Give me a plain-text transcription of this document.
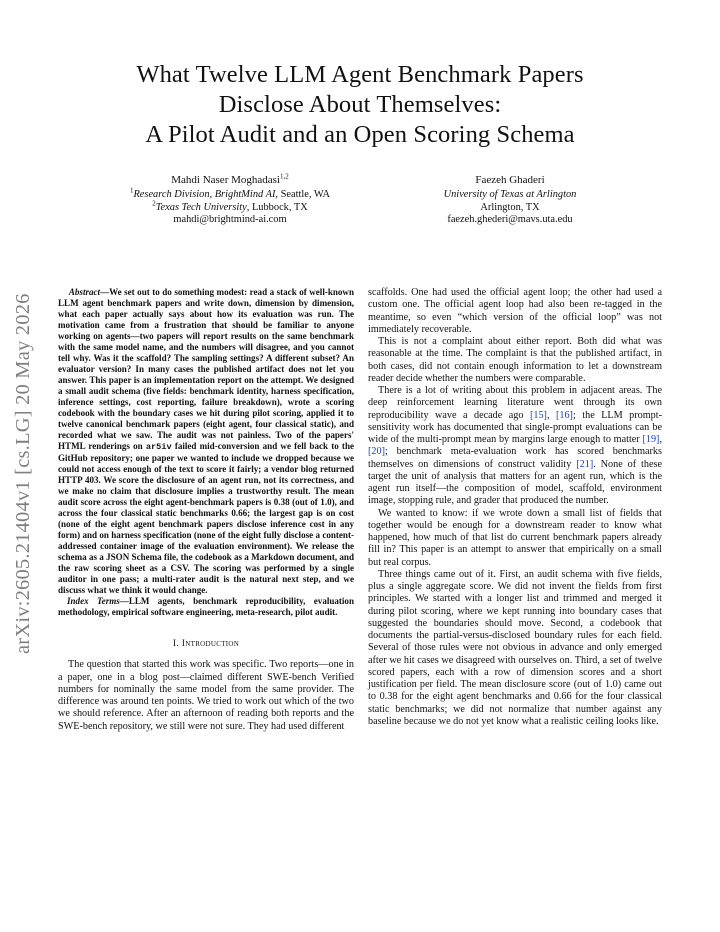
arXiv:2605.21404v1 [cs.LG] 20 May 2026
What Twelve LLM Agent Benchmark Papers
Disclose About Themselves:
A Pilot Audit and an Open Scoring Schema
Mahdi Naser Moghadasi$^{1,2}$
$^1$Research Division, BrightMind AI, Seattle, WA
$^2$Texas Tech University, Lubbock, TX
mahdi@brightmind-ai.com
Faezeh Ghaderi
University of Texas at Arlington
Arlington, TX
faezeh.ghederi@mavs.uta.edu
  Abstract—We set out to do something modest: read a stack of well-known LLM agent benchmark papers and write down, dimension by dimension, what each paper actually says about how its evaluation was run. The motivation came from a frustration that should be familiar to anyone working on agents—two papers will report results on the same benchmark with the same model name, and the numbers will disagree, and you cannot tell why. Was it the scaffold? The sampling settings? A different subset? An evaluator version? In many cases the published artifact does not let you answer. This paper is an implementation report on the attempt. We designed a small audit schema (five fields: benchmark identity, harness specification, inference settings, cost reporting, failure breakdown), wrote a scoring codebook with the boundary cases we hit during pilot scoring, applied it to twelve canonical benchmark papers (eight agent, four classical static), and recorded what we saw. The audit was not painless. Two of the papers' HTML renderings on ar5iv failed mid-conversion and we fell back to the GitHub repository; one paper we wanted to include we dropped because we could not access enough of the text to score it fairly; a vendor blog returned HTTP 403. We score the disclosure of an agent run, not its correctness, and we make no claim that disclosure implies a trustworthy result. The mean audit score across the eight agent-benchmark papers is 0.38 (out of 1.0), and across the four classical static benchmarks 0.66; the largest gap is on cost (none of the eight agent benchmark papers disclose inference cost in any form) and on harness specification (none of the eight fully disclose a content-addressed container image of the evaluation environment). We release the schema as a JSON Schema file, the codebook as a Markdown document, and the raw scoring sheet as a CSV. The scoring was performed by a single auditor in one pass; a multi-rater audit is the natural next step, and we discuss what we think it would change.
Index Terms—LLM agents, benchmark reproducibility, evaluation methodology, empirical software engineering, meta-research, pilot audit.
I. Introduction

The question that started this work was specific. Two reports—one in a paper, one in a blog post—claimed different SWE-bench Verified numbers for nominally the same model from the same provider. The difference was around ten points. We tried to work out which of the two we should reference. After an afternoon of reading both reports and the SWE-bench repository, we still were not sure. They had used different

scaffolds. One had used the official agent loop; the other had used a custom one. The official agent loop had also been re-tagged in the meantime, so even “which version of the official loop” was not immediately recoverable.

This is not a complaint about either report. Both did what was reasonable at the time. The complaint is that the published artifact, in both cases, did not contain enough information to let a downstream reader decide whether the numbers were comparable.

There is a lot of writing about this problem in adjacent areas. The deep reinforcement learning literature went through its own reproducibility wave a decade ago [15], [16]; the LLM prompt-sensitivity work has documented that single-prompt evaluations can be wide of the multi-prompt mean by margins large enough to matter [19], [20]; benchmark meta-evaluation work has scored benchmarks themselves on dimensions of construct validity [21]. None of these target the unit of analysis that matters for an agent run, which is the agent run itself—the composition of model, scaffold, environment image, stopping rule, and grader that produced the number.

We wanted to know: if we wrote down a small list of fields that together would be enough for a downstream reader to know what happened, how much of that list do current benchmark papers already fill in? This paper is an attempt to answer that empirically on a small but real corpus.

Three things came out of it. First, an audit schema with five fields, plus a single aggregate score. We did not invent the fields from first principles. We started with a longer list and trimmed and merged it during pilot scoring, where we kept running into boundary cases that suggested the boundaries should move. Second, a codebook that documents the partial-versus-disclosed boundary rules for each field. Several of those rules were not obvious in advance and only emerged after we hit cases we disagreed with ourselves on. Third, a set of twelve scored papers, each with a row of dimension scores and a short justification per field. The mean disclosure score (out of 1.0) came out to 0.38 for the eight agent benchmarks and 0.66 for the four classical static benchmarks; we did not normalize that number against any baseline because we do not yet know what a realistic ceiling looks like.
